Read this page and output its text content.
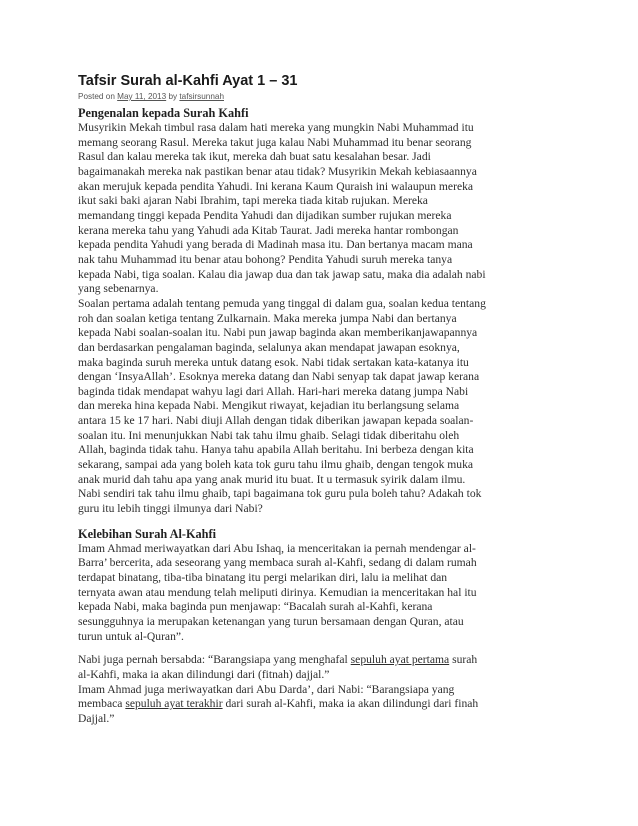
Tafsir Surah al-Kahfi Ayat 1 – 31
Posted on May 11, 2013 by tafsirsunnah
Pengenalan kepada Surah Kahfi

Musyrikin Mekah timbul rasa dalam hati mereka yang mungkin Nabi Muhammad itu
memang seorang Rasul. Mereka takut juga kalau Nabi Muhammad itu benar seorang
Rasul dan kalau mereka tak ikut, mereka dah buat satu kesalahan besar. Jadi
bagaimanakah mereka nak pastikan benar atau tidak? Musyrikin Mekah kebiasaannya
akan merujuk kepada pendita Yahudi. Ini kerana Kaum Quraish ini walaupun mereka
ikut saki baki ajaran Nabi Ibrahim, tapi mereka tiada kitab rujukan. Mereka
memandang tinggi kepada Pendita Yahudi dan dijadikan sumber rujukan mereka
kerana mereka tahu yang Yahudi ada Kitab Taurat. Jadi mereka hantar rombongan
kepada pendita Yahudi yang berada di Madinah masa itu. Dan bertanya macam mana
nak tahu Muhammad itu benar atau bohong? Pendita Yahudi suruh mereka tanya
kepada Nabi, tiga soalan. Kalau dia jawap dua dan tak jawap satu, maka dia adalah nabi
yang sebenarnya.
Soalan pertama adalah tentang pemuda yang tinggal di dalam gua, soalan kedua tentang
roh dan soalan ketiga tentang Zulkarnain. Maka mereka jumpa Nabi dan bertanya
kepada Nabi soalan-soalan itu. Nabi pun jawap baginda akan memberikanjawapannya
dan berdasarkan pengalaman baginda, selalunya akan mendapat jawapan esoknya,
maka baginda suruh mereka untuk datang esok. Nabi tidak sertakan kata-katanya itu
dengan ‘InsyaAllah’. Esoknya mereka datang dan Nabi senyap tak dapat jawap kerana
baginda tidak mendapat wahyu lagi dari Allah. Hari-hari mereka datang jumpa Nabi
dan mereka hina kepada Nabi. Mengikut riwayat, kejadian itu berlangsung selama
antara 15 ke 17 hari. Nabi diuji Allah dengan tidak diberikan jawapan kepada soalan-
soalan itu. Ini menunjukkan Nabi tak tahu ilmu ghaib. Selagi tidak diberitahu oleh
Allah, baginda tidak tahu. Hanya tahu apabila Allah beritahu. Ini berbeza dengan kita
sekarang, sampai ada yang boleh kata tok guru tahu ilmu ghaib, dengan tengok muka
anak murid dah tahu apa yang anak murid itu buat. It u termasuk syirik dalam ilmu.
Nabi sendiri tak tahu ilmu ghaib, tapi bagaimana tok guru pula boleh tahu? Adakah tok
guru itu lebih tinggi ilmunya dari Nabi?

Kelebihan Surah Al-Kahfi

Imam Ahmad meriwayatkan dari Abu Ishaq, ia menceritakan ia pernah mendengar al-
Barra’ bercerita, ada seseorang yang membaca surah al-Kahfi, sedang di dalam rumah
terdapat binatang, tiba-tiba binatang itu pergi melarikan diri, lalu ia melihat dan
ternyata awan atau mendung telah meliputi dirinya. Kemudian ia menceritakan hal itu
kepada Nabi, maka baginda pun menjawap: “Bacalah surah al-Kahfi, kerana
sesungguhnya ia merupakan ketenangan yang turun bersamaan dengan Quran, atau
turun untuk al-Quran”.

Nabi juga pernah bersabda: “Barangsiapa yang menghafal sepuluh ayat pertama surah
al-Kahfi, maka ia akan dilindungi dari (fitnah) dajjal.”
Imam Ahmad juga meriwayatkan dari Abu Darda’, dari Nabi: “Barangsiapa yang
membaca sepuluh ayat terakhir dari surah al-Kahfi, maka ia akan dilindungi dari finah
Dajjal.”
